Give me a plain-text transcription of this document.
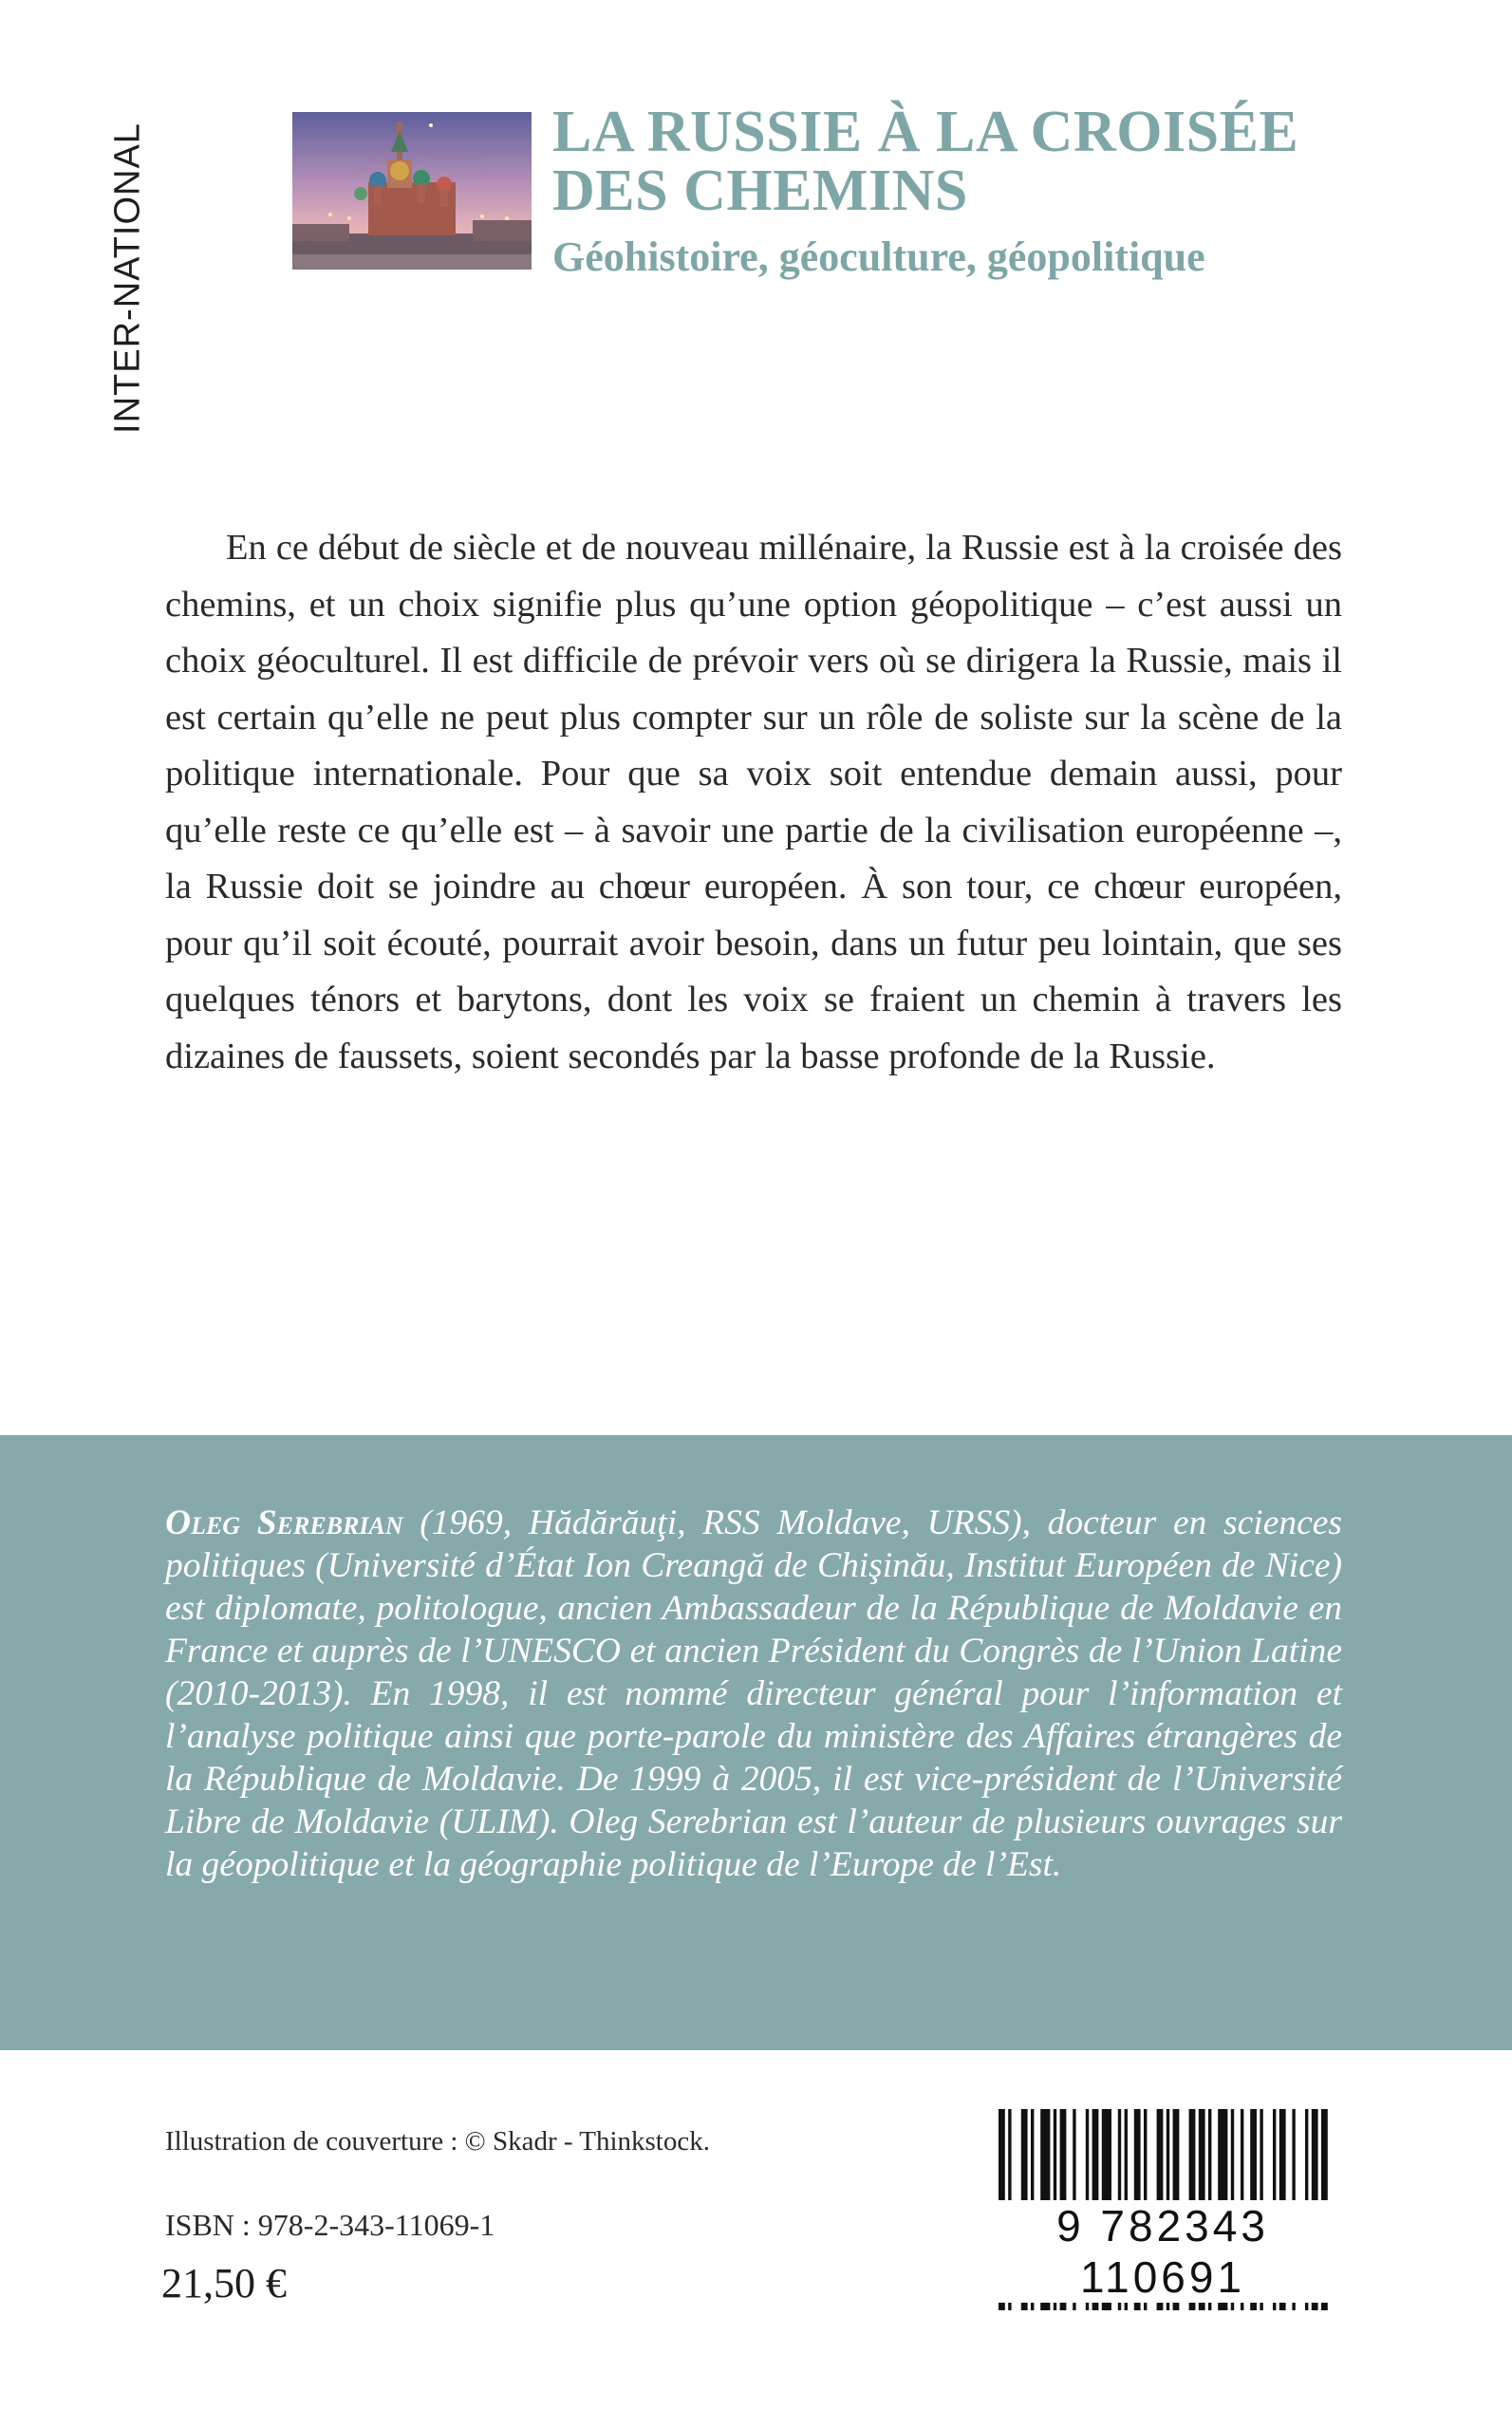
INTER-NATIONAL	LA RUSSIE À LA CROISÉE
DES CHEMINS
Géohistoire, géoculture, géopolitique
En ce début de siècle et de nouveau millénaire, la Russie est à la croisée des chemins, et un choix signifie plus qu’une option géopolitique – c’est aussi un choix géoculturel. Il est difficile de prévoir vers où se dirigera la Russie, mais il est certain qu’elle ne peut plus compter sur un rôle de soliste sur la scène de la politique internationale. Pour que sa voix soit entendue demain aussi, pour qu’elle reste ce qu’elle est – à savoir une partie de la civilisation européenne –, la Russie doit se joindre au chœur européen. À son tour, ce chœur européen, pour qu’il soit écouté, pourrait avoir besoin, dans un futur peu lointain, que ses quelques ténors et barytons, dont les voix se fraient un chemin à travers les dizaines de faussets, soient secondés par la basse profonde de la Russie.
Oleg Serebrian (1969, Hădărăuţi, RSS Moldave, URSS), docteur en sciences politiques (Université d’État Ion Creangă de Chişinău, Institut Européen de Nice) est diplomate, politologue, ancien Ambassadeur de la République de Moldavie en France et auprès de l’UNESCO et ancien Président du Congrès de l’Union Latine (2010-2013). En 1998, il est nommé directeur général pour l’information et l’analyse politique ainsi que porte-parole du ministère des Affaires étrangères de la République de Moldavie. De 1999 à 2005, il est vice-président de l’Université Libre de Moldavie (ULIM). Oleg Serebrian est l’auteur de plusieurs ouvrages sur la géopolitique et la géographie politique de l’Europe de l’Est.
Illustration de couverture : © Skadr - Thinkstock.
ISBN : 978-2-343-11069-1
21,50 €
9 782343 110691
